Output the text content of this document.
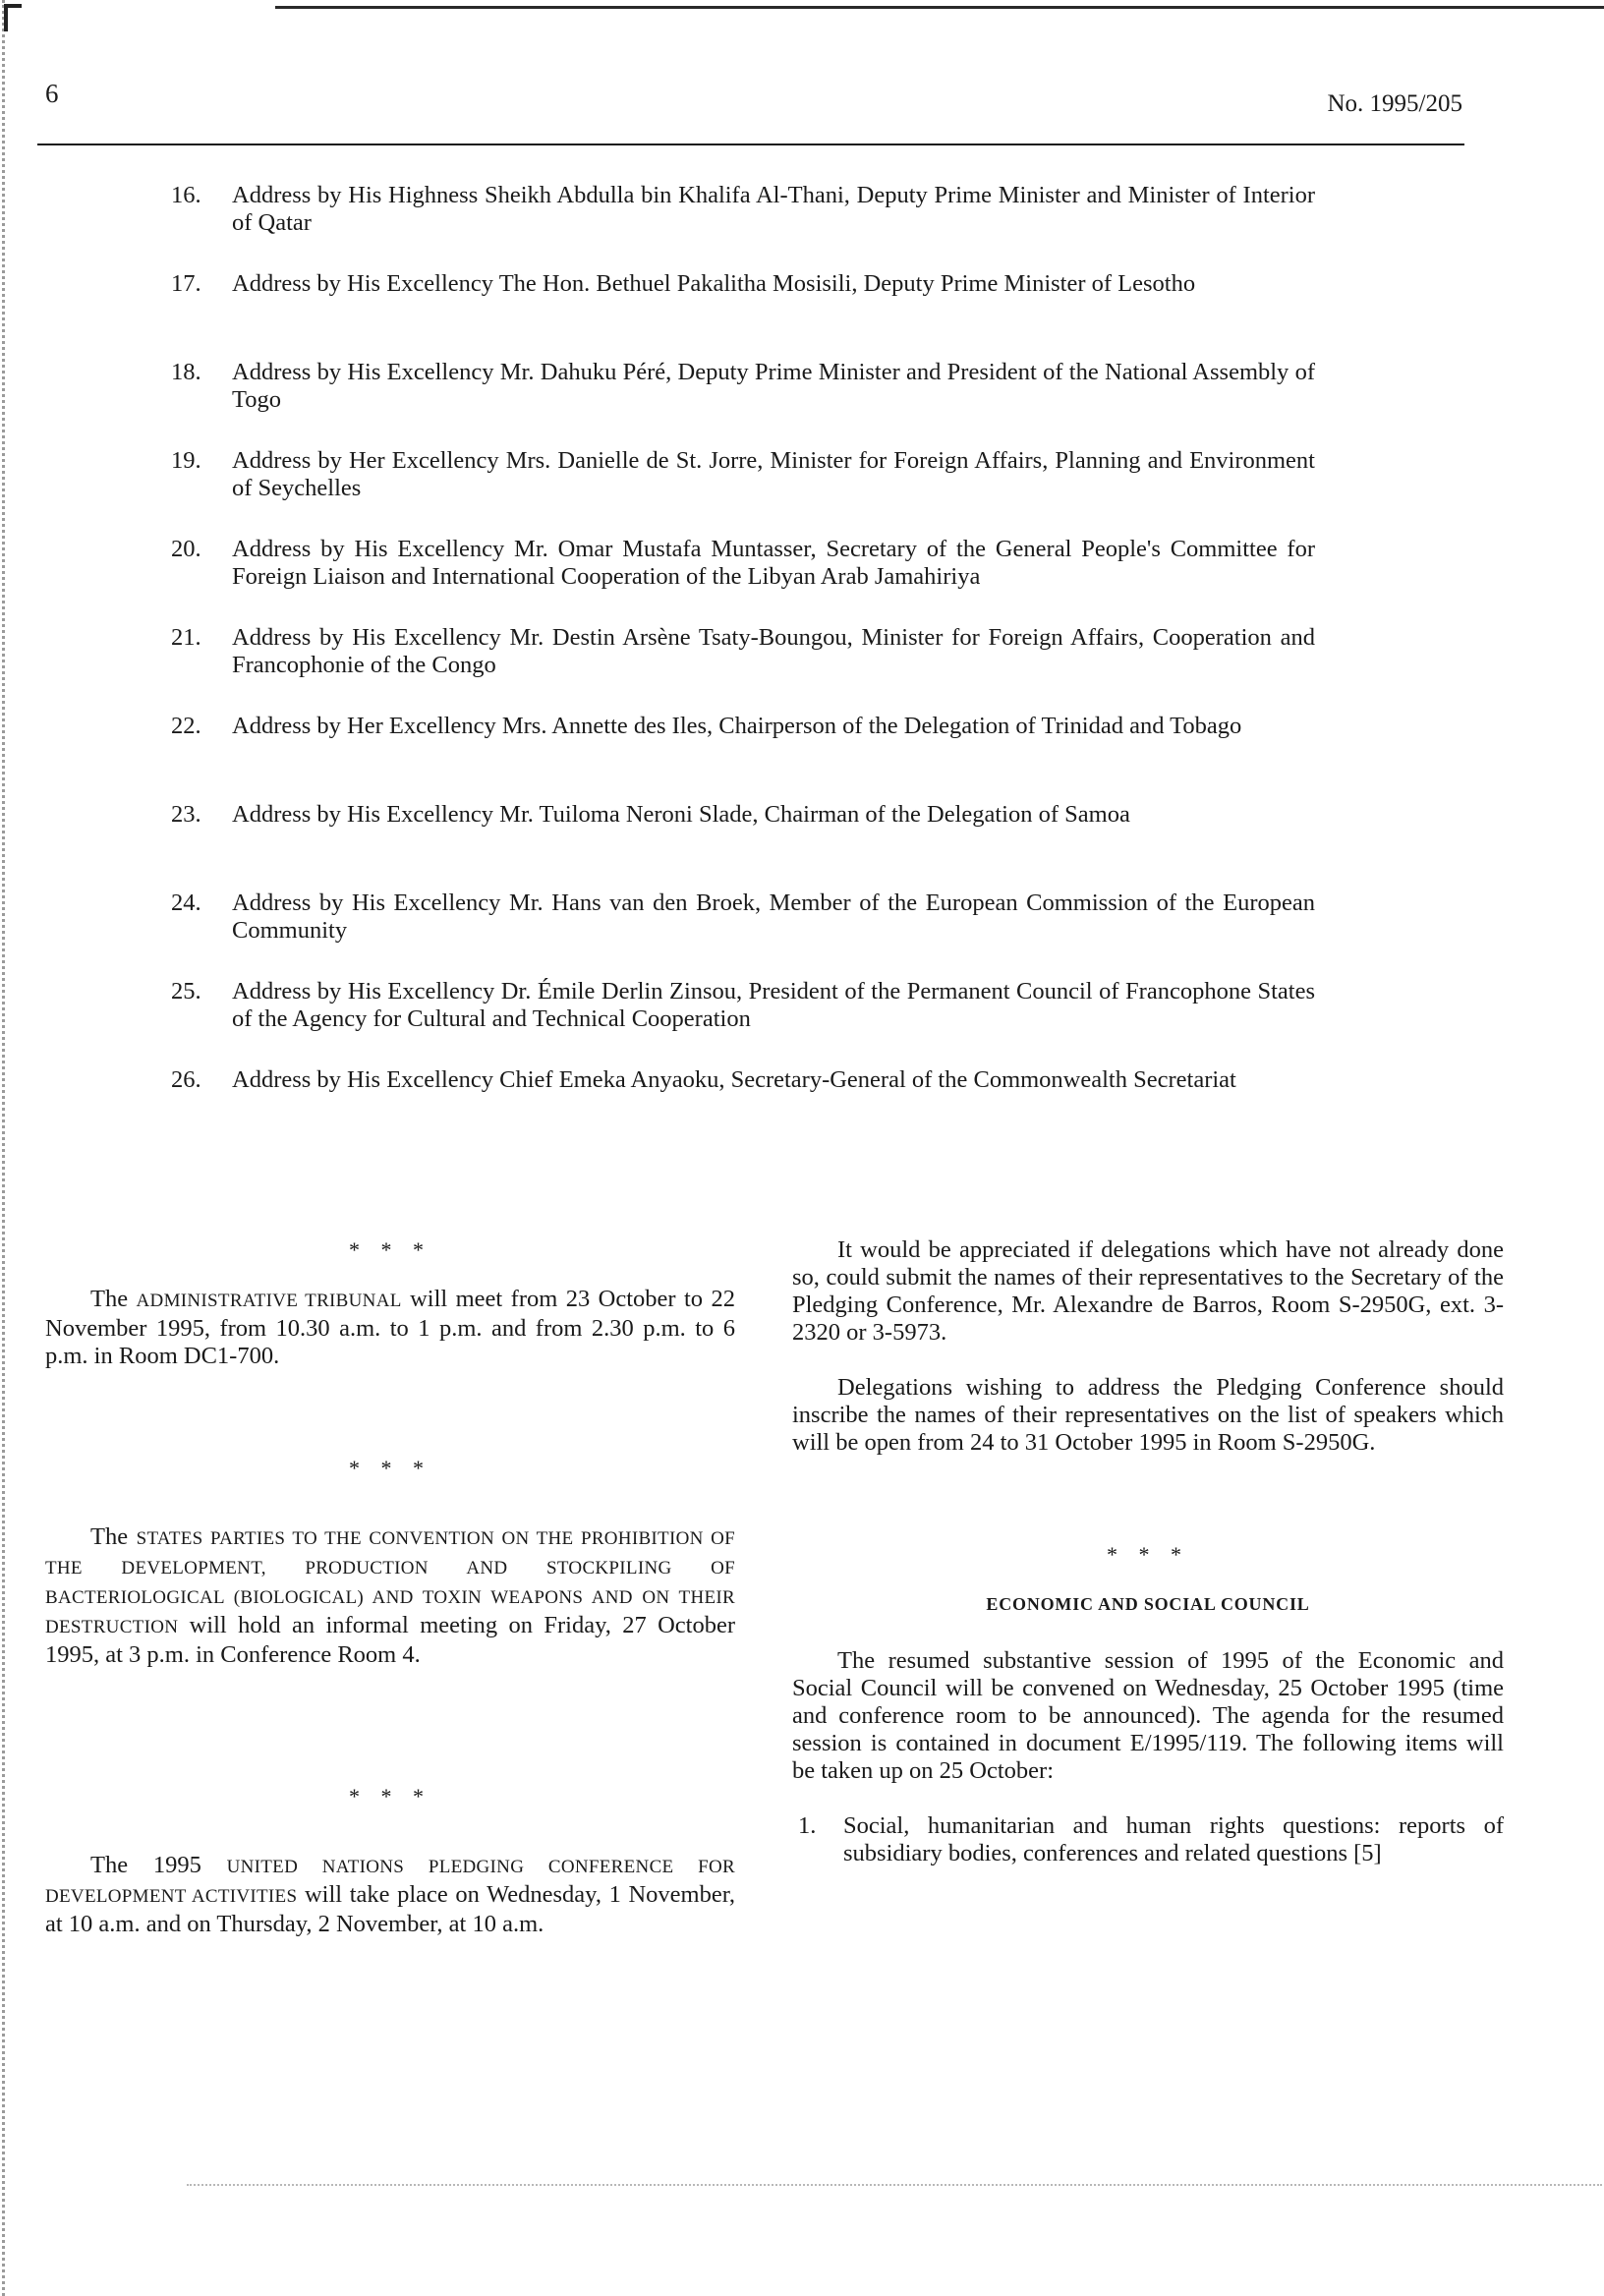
6	No. 1995/205
16. Address by His Highness Sheikh Abdulla bin Khalifa Al-Thani, Deputy Prime Minister and Minister of Interior of Qatar
17. Address by His Excellency The Hon. Bethuel Pakalitha Mosisili, Deputy Prime Minister of Lesotho
18. Address by His Excellency Mr. Dahuku Péré, Deputy Prime Minister and President of the National Assembly of Togo
19. Address by Her Excellency Mrs. Danielle de St. Jorre, Minister for Foreign Affairs, Planning and Environment of Seychelles
20. Address by His Excellency Mr. Omar Mustafa Muntasser, Secretary of the General People's Committee for Foreign Liaison and International Cooperation of the Libyan Arab Jamahiriya
21. Address by His Excellency Mr. Destin Arsène Tsaty-Boungou, Minister for Foreign Affairs, Cooperation and Francophonie of the Congo
22. Address by Her Excellency Mrs. Annette des Iles, Chairperson of the Delegation of Trinidad and Tobago
23. Address by His Excellency Mr. Tuiloma Neroni Slade, Chairman of the Delegation of Samoa
24. Address by His Excellency Mr. Hans van den Broek, Member of the European Commission of the European Community
25. Address by His Excellency Dr. Émile Derlin Zinsou, President of the Permanent Council of Francophone States of the Agency for Cultural and Technical Cooperation
26. Address by His Excellency Chief Emeka Anyaoku, Secretary-General of the Commonwealth Secretariat
* * *

The ADMINISTRATIVE TRIBUNAL will meet from 23 October to 22 November 1995, from 10.30 a.m. to 1 p.m. and from 2.30 p.m. to 6 p.m. in Room DC1-700.

* * *

The STATES PARTIES TO THE CONVENTION ON THE PROHIBITION OF THE DEVELOPMENT, PRODUCTION AND STOCKPILING OF BACTERIOLOGICAL (BIOLOGICAL) AND TOXIN WEAPONS AND ON THEIR DESTRUCTION will hold an informal meeting on Friday, 27 October 1995, at 3 p.m. in Conference Room 4.

* * *

The 1995 UNITED NATIONS PLEDGING CONFERENCE FOR DEVELOPMENT ACTIVITIES will take place on Wednesday, 1 November, at 10 a.m. and on Thursday, 2 November, at 10 a.m.

It would be appreciated if delegations which have not already done so, could submit the names of their representatives to the Secretary of the Pledging Conference, Mr. Alexandre de Barros, Room S-2950G, ext. 3-2320 or 3-5973.

Delegations wishing to address the Pledging Conference should inscribe the names of their representatives on the list of speakers which will be open from 24 to 31 October 1995 in Room S-2950G.

* * *
ECONOMIC AND SOCIAL COUNCIL

The resumed substantive session of 1995 of the Economic and Social Council will be convened on Wednesday, 25 October 1995 (time and conference room to be announced). The agenda for the resumed session is contained in document E/1995/119. The following items will be taken up on 25 October:

1. Social, humanitarian and human rights questions: reports of subsidiary bodies, conferences and related questions [5]
